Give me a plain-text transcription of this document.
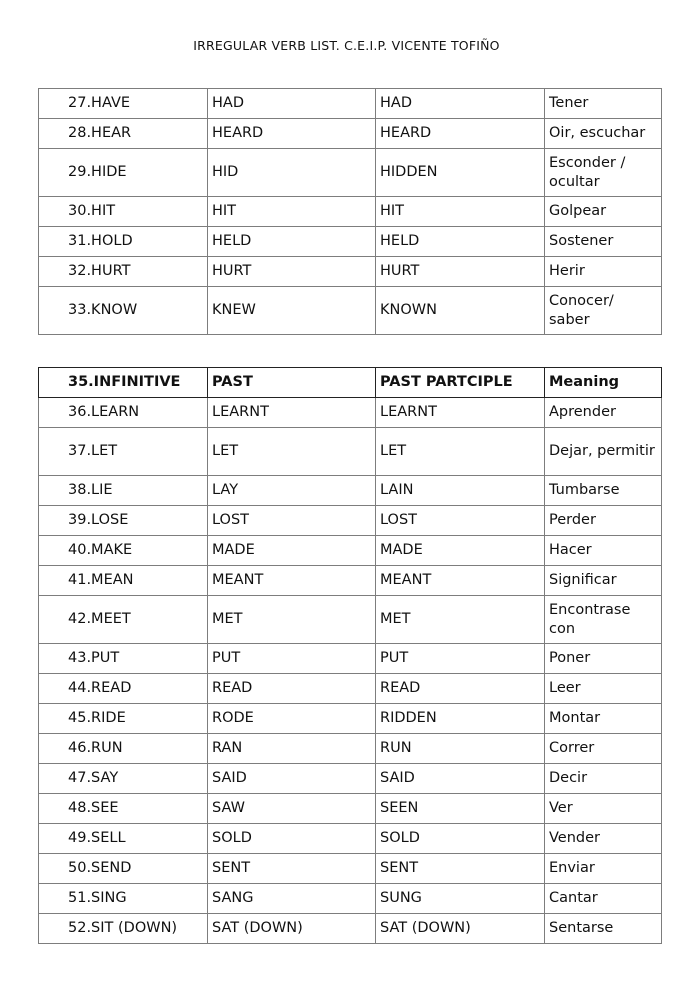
IRREGULAR VERB LIST. C.E.I.P. VICENTE TOFIÑO
27.HAVE	HAD	HAD	Tener
28.HEAR	HEARD	HEARD	Oir, escuchar
29.HIDE	HID	HIDDEN	Esconder / ocultar
30.HIT	HIT	HIT	Golpear
31.HOLD	HELD	HELD	Sostener
32.HURT	HURT	HURT	Herir
33.KNOW	KNEW	KNOWN	Conocer/ saber
35.INFINITIVE	PAST	PAST PARTCIPLE	Meaning
36.LEARN	LEARNT	LEARNT	Aprender
37.LET	LET	LET	Dejar, permitir
38.LIE	LAY	LAIN	Tumbarse
39.LOSE	LOST	LOST	Perder
40.MAKE	MADE	MADE	Hacer
41.MEAN	MEANT	MEANT	Significar
42.MEET	MET	MET	Encontrase con
43.PUT	PUT	PUT	Poner
44.READ	READ	READ	Leer
45.RIDE	RODE	RIDDEN	Montar
46.RUN	RAN	RUN	Correr
47.SAY	SAID	SAID	Decir
48.SEE	SAW	SEEN	Ver
49.SELL	SOLD	SOLD	Vender
50.SEND	SENT	SENT	Enviar
51.SING	SANG	SUNG	Cantar
52.SIT (DOWN)	SAT (DOWN)	SAT (DOWN)	Sentarse
